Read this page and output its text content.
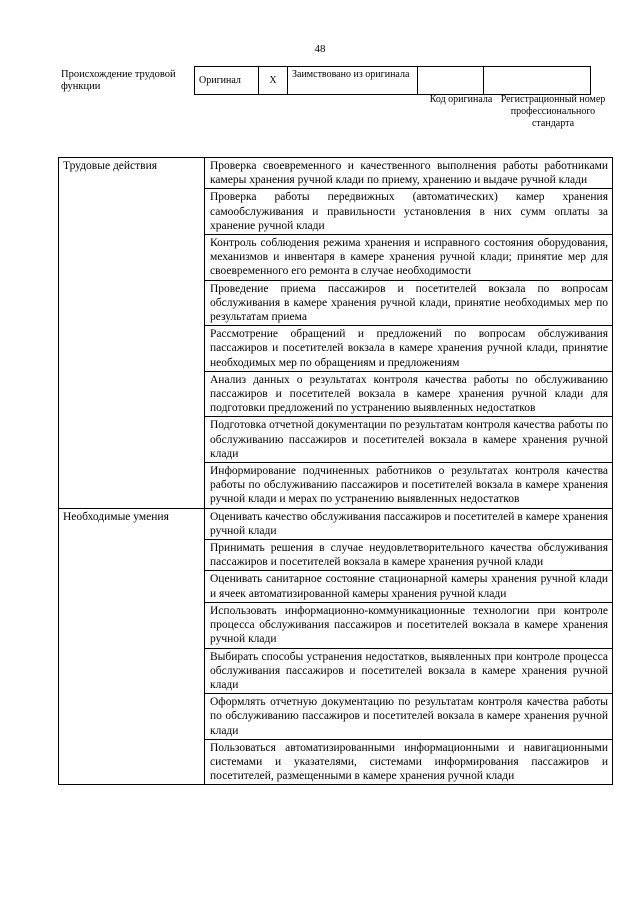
48
Происхождение трудовой функции
Оригинал	X	Заимствовано из оригинала		
Код оригинала Регистрационный номер профессионального стандарта
Трудовые действия	Проверка своевременного и качественного выполнения работы работниками камеры хранения ручной клади по приему, хранению и выдаче ручной клади
	Проверка работы передвижных (автоматических) камер хранения самообслуживания и правильности установления в них сумм оплаты за хранение ручной клади
	Контроль соблюдения режима хранения и исправного состояния оборудования, механизмов и инвентаря в камере хранения ручной клади; принятие мер для своевременного его ремонта в случае необходимости
	Проведение приема пассажиров и посетителей вокзала по вопросам обслуживания в камере хранения ручной клади, принятие необходимых мер по результатам приема
	Рассмотрение обращений и предложений по вопросам обслуживания пассажиров и посетителей вокзала в камере хранения ручной клади, принятие необходимых мер по обращениям и предложениям
	Анализ данных о результатах контроля качества работы по обслуживанию пассажиров и посетителей вокзала в камере хранения ручной клади для подготовки предложений по устранению выявленных недостатков
	Подготовка отчетной документации по результатам контроля качества работы по обслуживанию пассажиров и посетителей вокзала в камере хранения ручной клади
	Информирование подчиненных работников о результатах контроля качества работы по обслуживанию пассажиров и посетителей вокзала в камере хранения ручной клади и мерах по устранению выявленных недостатков
Необходимые умения	Оценивать качество обслуживания пассажиров и посетителей в камере хранения ручной клади
	Принимать решения в случае неудовлетворительного качества обслуживания пассажиров и посетителей вокзала в камере хранения ручной клади
	Оценивать санитарное состояние стационарной камеры хранения ручной клади и ячеек автоматизированной камеры хранения ручной клади
	Использовать информационно-коммуникационные технологии при контроле процесса обслуживания пассажиров и посетителей вокзала в камере хранения ручной клади
	Выбирать способы устранения недостатков, выявленных при контроле процесса обслуживания пассажиров и посетителей вокзала в камере хранения ручной клади
	Оформлять отчетную документацию по результатам контроля качества работы по обслуживанию пассажиров и посетителей вокзала в камере хранения ручной клади
	Пользоваться автоматизированными информационными и навигационными системами и указателями, системами информирования пассажиров и посетителей, размещенными в камере хранения ручной клади
